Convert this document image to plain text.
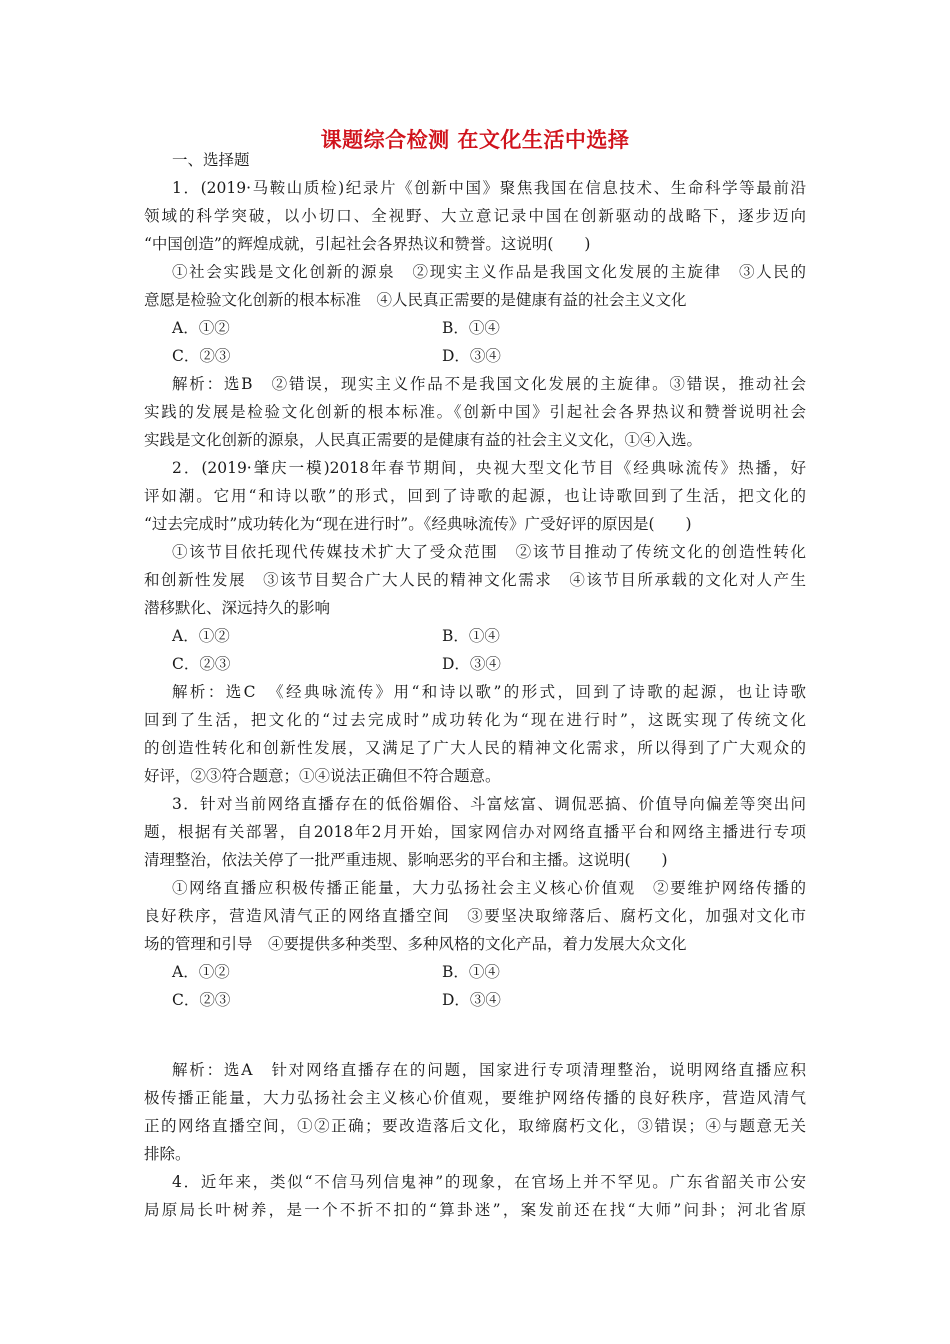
课题综合检测 在文化生活中选择
一、选择题
1．(2019·马鞍山质检)纪录片《创新中国》聚焦我国在信息技术、生命科学等最前沿
领域的科学突破，以小切口、全视野、大立意记录中国在创新驱动的战略下，逐步迈向
“中国创造”的辉煌成就，引起社会各界热议和赞誉。这说明(　　)
①社会实践是文化创新的源泉　②现实主义作品是我国文化发展的主旋律　③人民的
意愿是检验文化创新的根本标准　④人民真正需要的是健康有益的社会主义文化
A．①②	B．①④
C．②③	D．③④
解析：选B　②错误，现实主义作品不是我国文化发展的主旋律。③错误，推动社会
实践的发展是检验文化创新的根本标准。《创新中国》引起社会各界热议和赞誉说明社会
实践是文化创新的源泉，人民真正需要的是健康有益的社会主义文化，①④入选。
2．(2019·肇庆一模)2018年春节期间，央视大型文化节目《经典咏流传》热播，好
评如潮。它用“和诗以歌”的形式，回到了诗歌的起源，也让诗歌回到了生活，把文化的
“过去完成时”成功转化为“现在进行时”。《经典咏流传》广受好评的原因是(　　)
①该节目依托现代传媒技术扩大了受众范围　②该节目推动了传统文化的创造性转化
和创新性发展　③该节目契合广大人民的精神文化需求　④该节目所承载的文化对人产生
潜移默化、深远持久的影响
A．①②	B．①④
C．②③	D．③④
解析：选C　《经典咏流传》用“和诗以歌”的形式，回到了诗歌的起源，也让诗歌
回到了生活，把文化的“过去完成时”成功转化为“现在进行时”，这既实现了传统文化
的创造性转化和创新性发展，又满足了广大人民的精神文化需求，所以得到了广大观众的
好评，②③符合题意；①④说法正确但不符合题意。
3．针对当前网络直播存在的低俗媚俗、斗富炫富、调侃恶搞、价值导向偏差等突出问
题，根据有关部署，自2018年2月开始，国家网信办对网络直播平台和网络主播进行专项
清理整治，依法关停了一批严重违规、影响恶劣的平台和主播。这说明(　　)
①网络直播应积极传播正能量，大力弘扬社会主义核心价值观　②要维护网络传播的
良好秩序，营造风清气正的网络直播空间　③要坚决取缔落后、腐朽文化，加强对文化市
场的管理和引导　④要提供多种类型、多种风格的文化产品，着力发展大众文化
A．①②	B．①④
C．②③	D．③④
解析：选A　针对网络直播存在的问题，国家进行专项清理整治，说明网络直播应积
极传播正能量，大力弘扬社会主义核心价值观，要维护网络传播的良好秩序，营造风清气
正的网络直播空间，①②正确；要改造落后文化，取缔腐朽文化，③错误；④与题意无关
排除。
4．近年来，类似“不信马列信鬼神”的现象，在官场上并不罕见。广东省韶关市公安
局原局长叶树养，是一个不折不扣的“算卦迷”，案发前还在找“大师”问卦；河北省原
